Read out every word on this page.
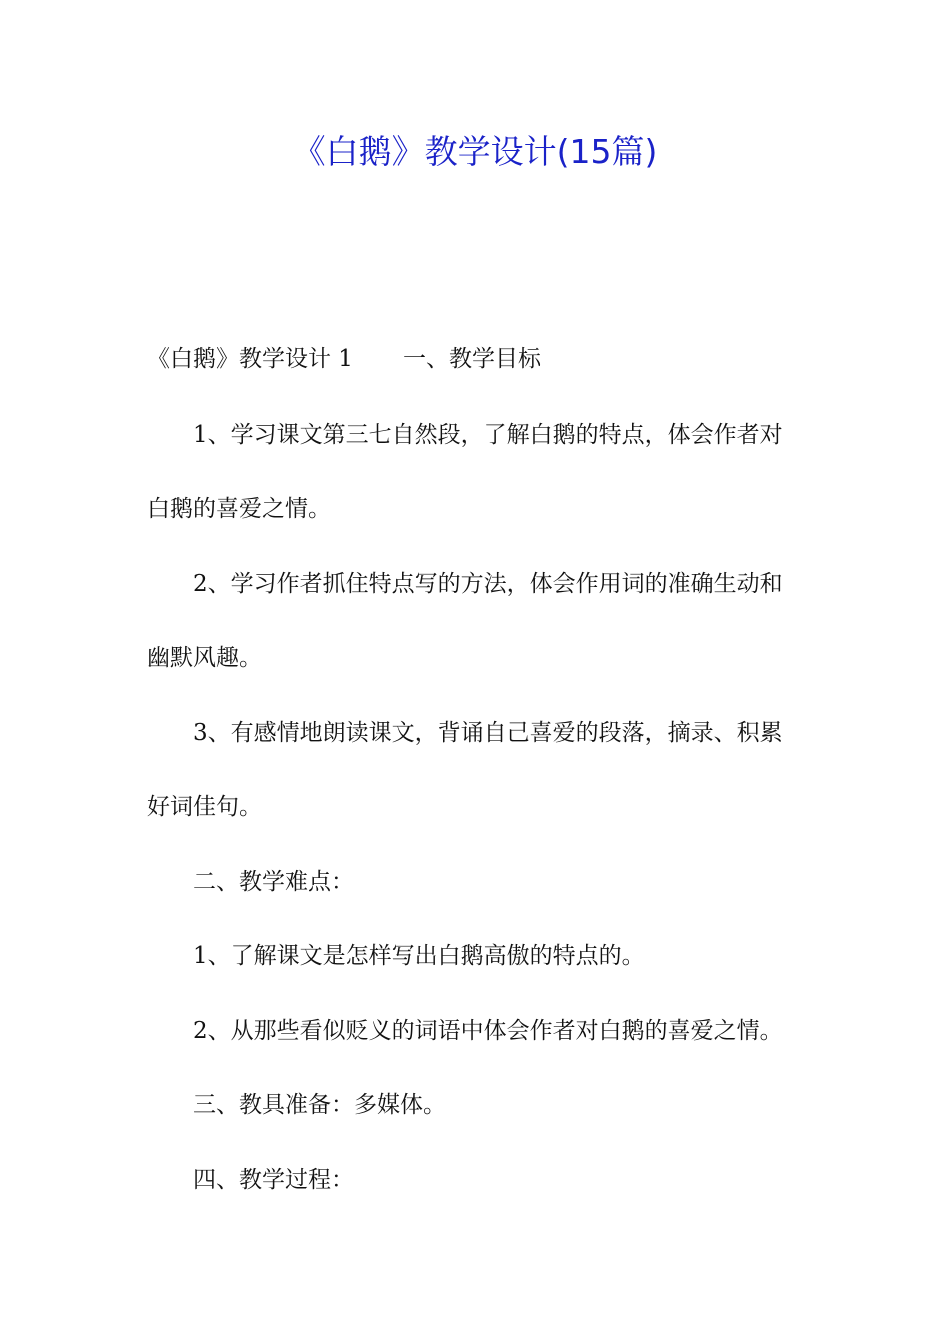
《白鹅》教学设计(15篇)

《白鹅》教学设计 1 一、教学目标

1、学习课文第三七自然段，了解白鹅的特点，体会作者对

白鹅的喜爱之情。

2、学习作者抓住特点写的方法，体会作用词的准确生动和

幽默风趣。

3、有感情地朗读课文，背诵自己喜爱的段落，摘录、积累

好词佳句。

二、教学难点：

1、了解课文是怎样写出白鹅高傲的特点的。

2、从那些看似贬义的词语中体会作者对白鹅的喜爱之情。

三、教具准备：多媒体。

四、教学过程：
